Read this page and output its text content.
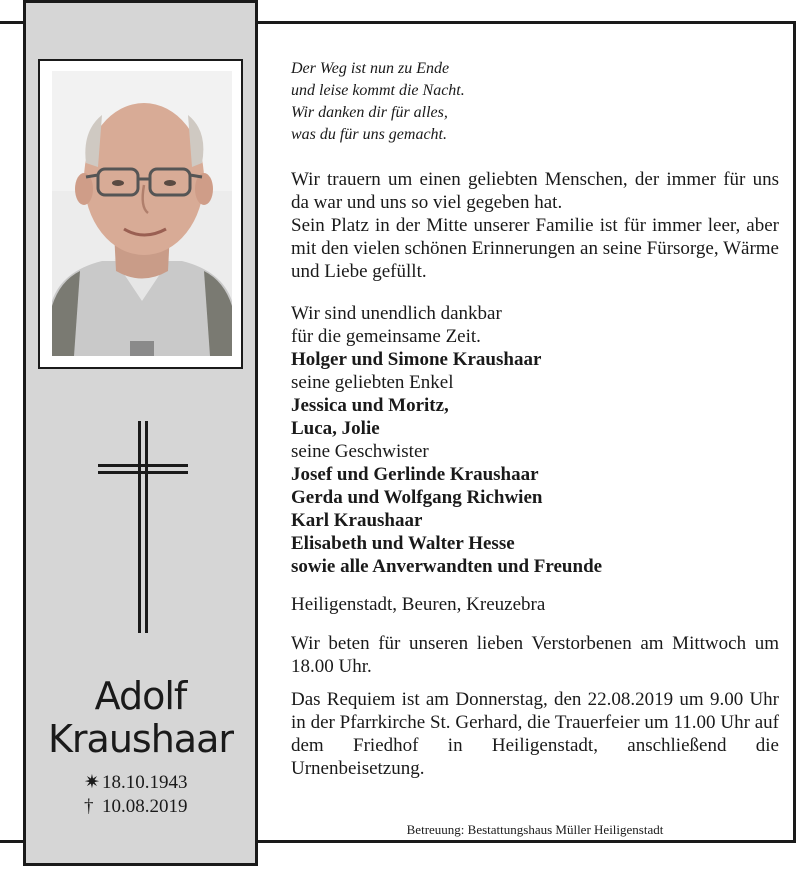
Adolf
Kraushaar
✷ 18.10.1943
† 10.08.2019
Der Weg ist nun zu Ende
und leise kommt die Nacht.
Wir danken dir für alles,
was du für uns gemacht.

Wir trauern um einen geliebten Menschen, der immer für uns da war und uns so viel gegeben hat.

Sein Platz in der Mitte unserer Familie ist für immer leer, aber mit den vielen schönen Erinnerungen an seine Fürsorge, Wärme und Liebe gefüllt.

Wir sind unendlich dankbar
für die gemeinsame Zeit.
Holger und Simone Kraushaar
seine geliebten Enkel
Jessica und Moritz,
Luca, Jolie
seine Geschwister
Josef und Gerlinde Kraushaar
Gerda und Wolfgang Richwien
Karl Kraushaar
Elisabeth und Walter Hesse
sowie alle Anverwandten und Freunde

Heiligenstadt, Beuren, Kreuzebra

Wir beten für unseren lieben Verstorbenen am Mittwoch um 18.00 Uhr.

Das Requiem ist am Donnerstag, den 22.08.2019 um 9.00 Uhr in der Pfarrkirche St. Gerhard, die Trauerfeier um 11.00 Uhr auf dem Friedhof in Heiligenstadt, anschließend die Urnenbeisetzung.

Betreuung: Bestattungshaus Müller Heiligenstadt
